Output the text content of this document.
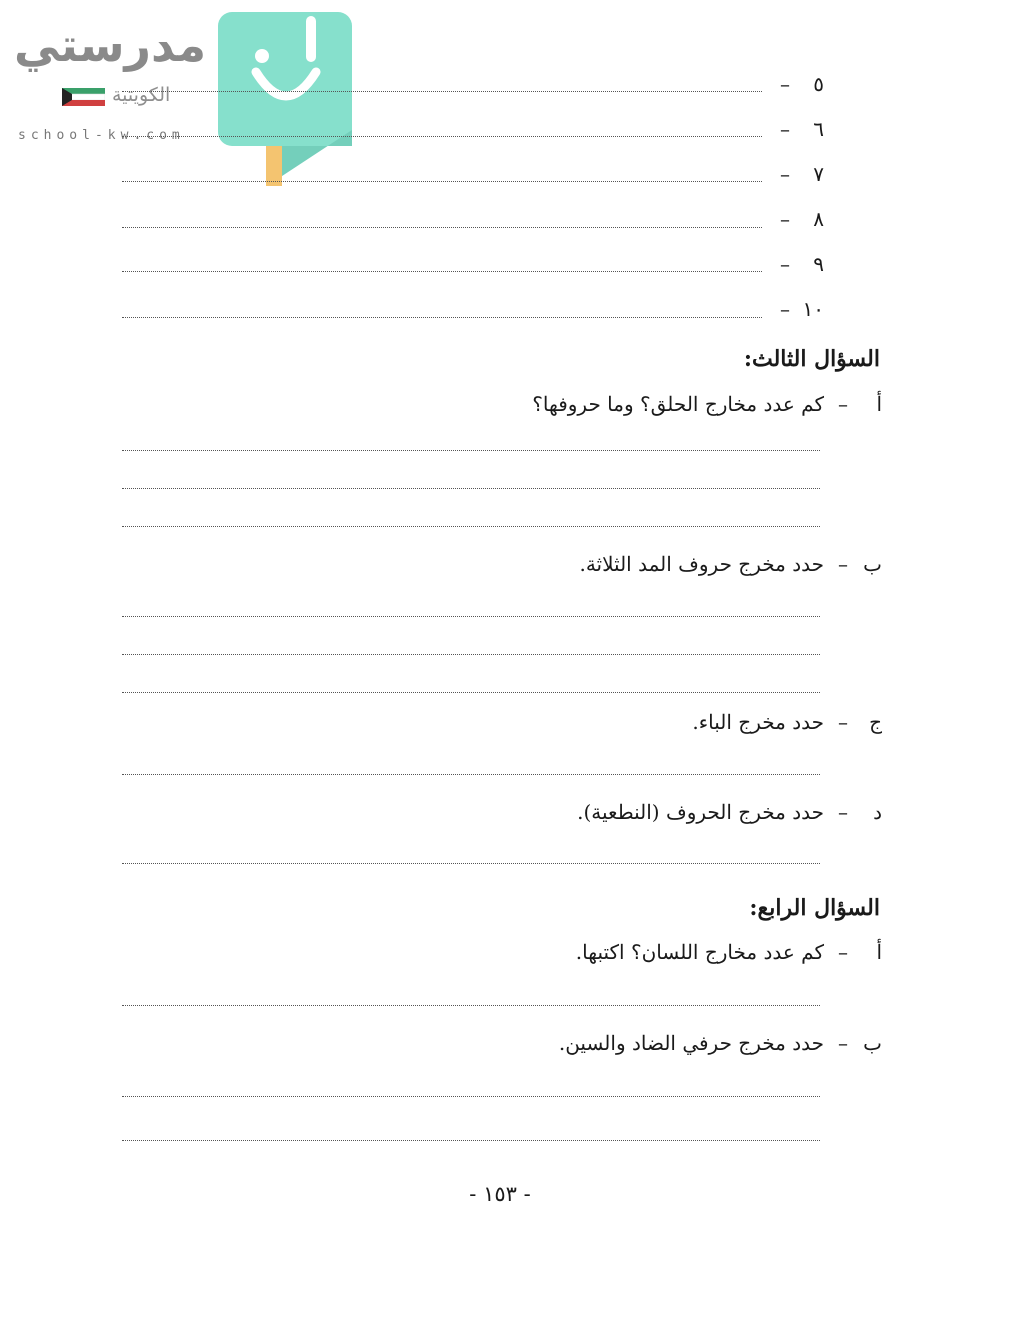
مدرستي
الكويتية
school-kw.com
–	٥
–	٦
–	٧
–	٨
–	٩
– ١٠
السؤال الثالث:
أ
–
كم عدد مخارج الحلق؟ وما حروفها؟
ب
–
حدد مخرج حروف المد الثلاثة.
ج
–
حدد مخرج الباء.
د
–
حدد مخرج الحروف (النطعية).
السؤال الرابع:
أ
–
كم عدد مخارج اللسان؟ اكتبها.
ب
–
حدد مخرج حرفي الضاد والسين.
- ١٥٣ -
